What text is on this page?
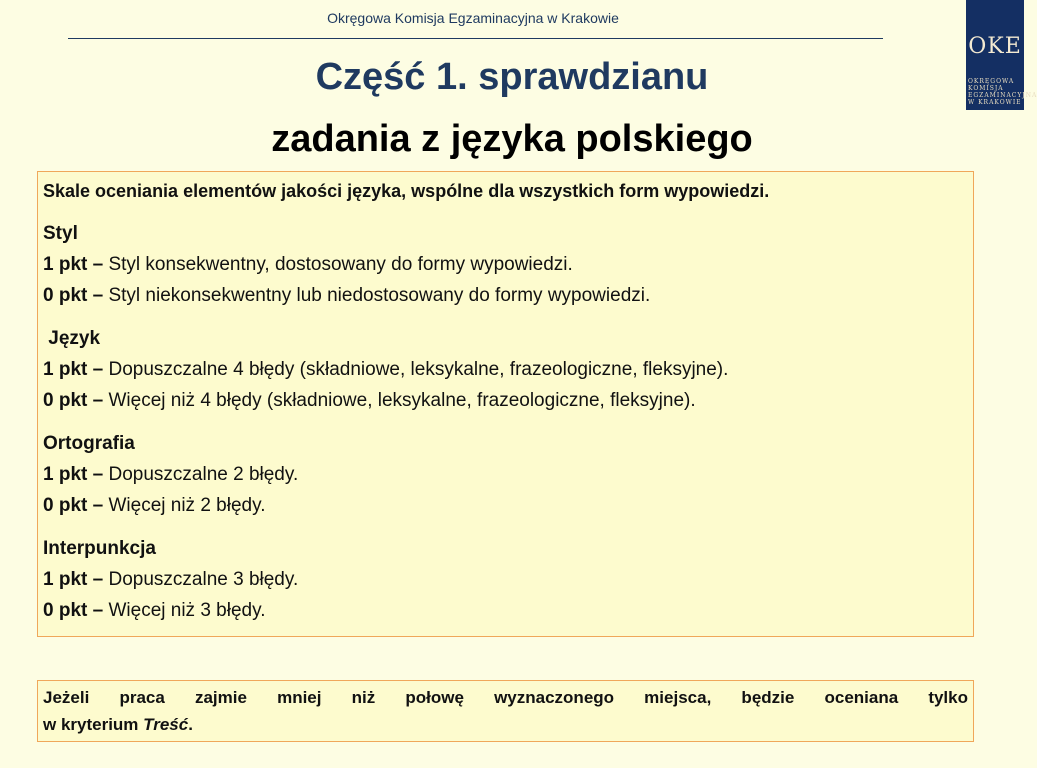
Okręgowa Komisja Egzaminacyjna w Krakowie
OKE
OKRĘGOWA
KOMISJA
EGZAMINACYJNA
W KRAKOWIE
Część 1. sprawdzianu
zadania z języka polskiego

Skale oceniania elementów jakości języka, wspólne dla wszystkich form wypowiedzi.

Styl

1 pkt – Styl konsekwentny, dostosowany do formy wypowiedzi.

0 pkt – Styl niekonsekwentny lub niedostosowany do formy wypowiedzi.

Język

1 pkt – Dopuszczalne 4 błędy (składniowe, leksykalne, frazeologiczne, fleksyjne).

0 pkt – Więcej niż 4 błędy (składniowe, leksykalne, frazeologiczne, fleksyjne).

Ortografia

1 pkt – Dopuszczalne 2 błędy.

0 pkt – Więcej niż 2 błędy.

Interpunkcja

1 pkt – Dopuszczalne 3 błędy.

0 pkt – Więcej niż 3 błędy.

Jeżeli praca zajmie mniej niż połowę wyznaczonego miejsca, będzie oceniana tylko
w kryterium Treść.
